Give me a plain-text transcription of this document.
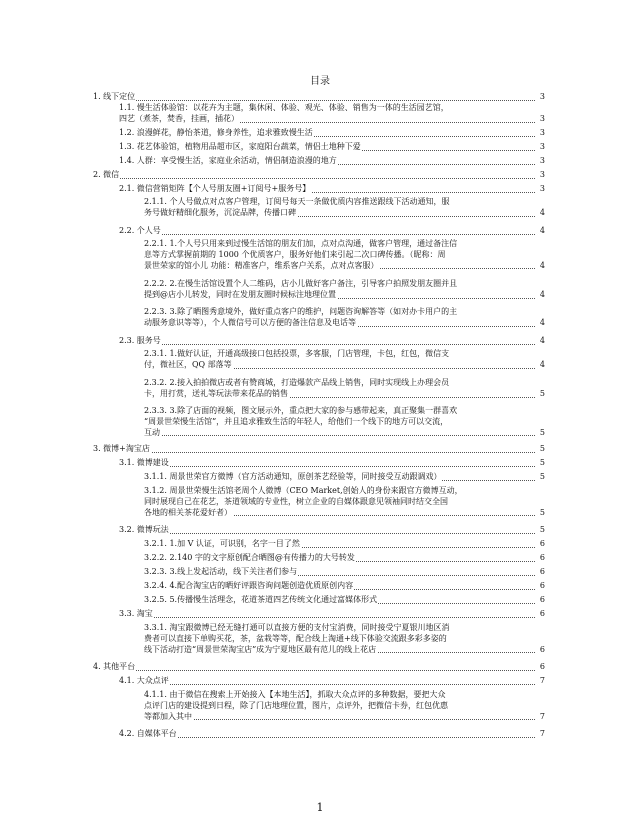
目录
1. 线下定位	3
1.1. 慢生活体验馆：以花卉为主题，集休闲、体验、观光、体验、销售为一体的生活园艺馆，
四艺（煮茶，焚香，挂画，插花）	3
1.2. 浪漫鲜花，静怡茶道，修身养性，追求雅致慢生活	3
1.3. 花艺体验馆，植物用品超市区，家庭阳台蔬菜，情侣土地种下爱	3
1.4. 人群：享受慢生活，家庭业余活动，情侣制造浪漫的地方	3
2. 微信	3
2.1. 微信营销矩阵【个人号朋友圈+订阅号+服务号】	3
2.1.1. 个人号做点对点客户管理，订阅号每天一条做优质内容推送跟线下活动通知，服
务号做好精细化服务，沉淀品牌，传播口碑	4
2.2. 个人号	4
2.2.1. 1.个人号只用来到过慢生活馆的朋友们加，点对点沟通，做客户管理，通过备注信
息等方式掌握前期的 1000 个优质客户，服务好他们来引起二次口碑传播。（昵称：周
景世荣家的馆小儿 功能：精准客户，维系客户关系，点对点客服）	4
2.2.2. 2.在慢生活馆设置个人二维码，店小儿做好客户备注，引导客户拍照发朋友圈并且
提到@店小儿转发，同时在发朋友圈时候标注地理位置	4
2.2.3. 3.除了晒图秀意境外，做好重点客户的维护，问题咨询解答等（如对办卡用户的主
动服务意识等等），个人微信号可以方便的备注信息及电话等	4
2.3. 服务号	4
2.3.1. 1.做好认证，开通高级接口包括投票，多客服，门店管理，卡包，红包，微信支
付，微社区，QQ 部落等	4
2.3.2. 2.接入拍拍微店或者有赞商城，打造爆款产品线上销售，同时实现线上办理会员
卡，用打赏，送礼等玩法带来花品的销售	5
2.3.3. 3.除了店面的视频，图文展示外，重点把大家的参与感带起来，真正聚集一群喜欢
“周景世荣慢生活馆”，并且追求雅致生活的年轻人，给他们一个线下的地方可以交流，
互动	5
3. 微博+淘宝店	5
3.1. 微博建设	5
3.1.1. 周景世荣官方微博（官方活动通知，原创茶艺经验等，同时接受互动跟调戏）	5
3.1.2. 周景世荣慢生活馆老周个人微博（CEO Market,创始人的身份来跟官方微博互动，
同时展现自己在花艺，茶道领域的专业性，树立企业的自媒体跟意见领袖同时结交全国
各地的相关茶花爱好者）	5
3.2. 微博玩法	5
3.2.1. 1.加 V 认证，可识别，名字一目了然	6
3.2.2. 2.140 字的文字原创配合晒图@有传播力的大号转发	6
3.2.3. 3.线上发起活动，线下关注者们参与	6
3.2.4. 4.配合淘宝店的晒好评跟咨询问题创造优质原创内容	6
3.2.5. 5.传播慢生活理念，花道茶道四艺传统文化通过富媒体形式	6
3.3. 淘宝	6
3.3.1. 淘宝跟微博已经无缝打通可以直接方便的支付宝消费，同时接受宁夏银川地区消
费者可以直接下单购买花，茶，盆栽等等，配合线上淘通+线下体验交流跟多彩多姿的
线下活动打造“周景世荣淘宝店”成为宁夏地区最有范儿的线上花店	6
4. 其他平台	6
4.1. 大众点评	7
4.1.1. 由于微信在搜索上开始接入【本地生活】，抓取大众点评的多种数据，要把大众
点评门店的建设提到日程，除了门店地理位置，图片，点评外，把微信卡券，红包优惠
等都加入其中	7
4.2. 自媒体平台	7
1
